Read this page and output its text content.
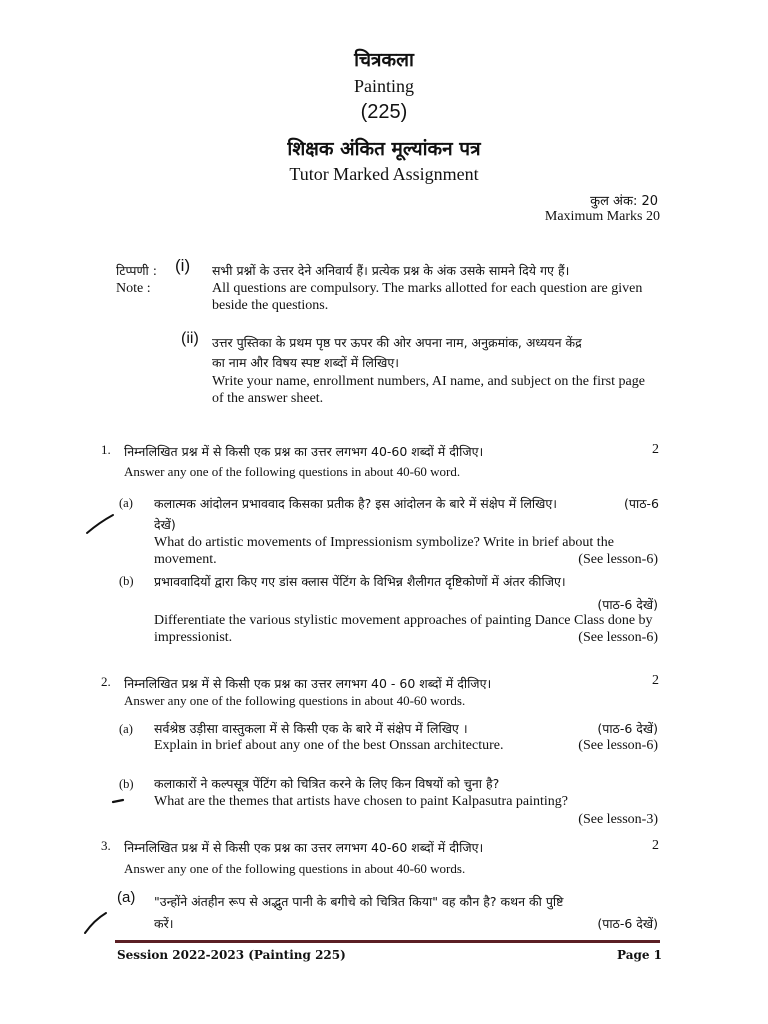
चित्रकला
Painting
(225)
शिक्षक अंकित मूल्यांकन पत्र
Tutor Marked Assignment
कुल अंक: 20
Maximum Marks 20
टिप्पणी : (i) सभी प्रश्नों के उत्तर देने अनिवार्य हैं। प्रत्येक प्रश्न के अंक उसके सामने दिये गए हैं।
Note :	All questions are compulsory. The marks allotted for each question are given
beside the questions.
(ii) उत्तर पुस्तिका के प्रथम पृष्ठ पर ऊपर की ओर अपना नाम, अनुक्रमांक, अध्ययन केंद्र
का नाम और विषय स्पष्ट शब्दों में लिखिए।
Write your name, enrollment numbers, AI name, and subject on the first page
of the answer sheet.
1. निम्नलिखित प्रश्न में से किसी एक प्रश्न का उत्तर लगभग 40-60 शब्दों में दीजिए।	2
Answer any one of the following questions in about 40-60 word.
(a) कलात्मक आंदोलन प्रभाववाद किसका प्रतीक है? इस आंदोलन के बारे में संक्षेप में लिखिए।	(पाठ-6
देखें)
What do artistic movements of Impressionism symbolize? Write in brief about the
movement.	(See lesson-6)
(b) प्रभाववादियों द्वारा किए गए डांस क्लास पेंटिंग के विभिन्न शैलीगत दृष्टिकोणों में अंतर कीजिए।
(पाठ-6 देखें)
Differentiate the various stylistic movement approaches of painting Dance Class done by
impressionist.	(See lesson-6)
2. निम्नलिखित प्रश्न में से किसी एक प्रश्न का उत्तर लगभग 40 - 60 शब्दों में दीजिए।	2
Answer any one of the following questions in about 40-60 words.
(a) सर्वश्रेष्ठ उड़ीसा वास्तुकला में से किसी एक के बारे में संक्षेप में लिखिए ।	(पाठ-6 देखें)
Explain in brief about any one of the best Onssan architecture.	(See lesson-6)
(b) कलाकारों ने कल्पसूत्र पेंटिंग को चित्रित करने के लिए किन विषयों को चुना है?
What are the themes that artists have chosen to paint Kalpasutra painting?
(See lesson-3)
3. निम्नलिखित प्रश्न में से किसी एक प्रश्न का उत्तर लगभग 40-60 शब्दों में दीजिए।	2
Answer any one of the following questions in about 40-60 words.
(a) "उन्होंने अंतहीन रूप से अद्भुत पानी के बगीचे को चित्रित किया" वह कौन है? कथन की पुष्टि
करें।	(पाठ-6 देखें)
Session 2022-2023 (Painting 225)	Page 1
